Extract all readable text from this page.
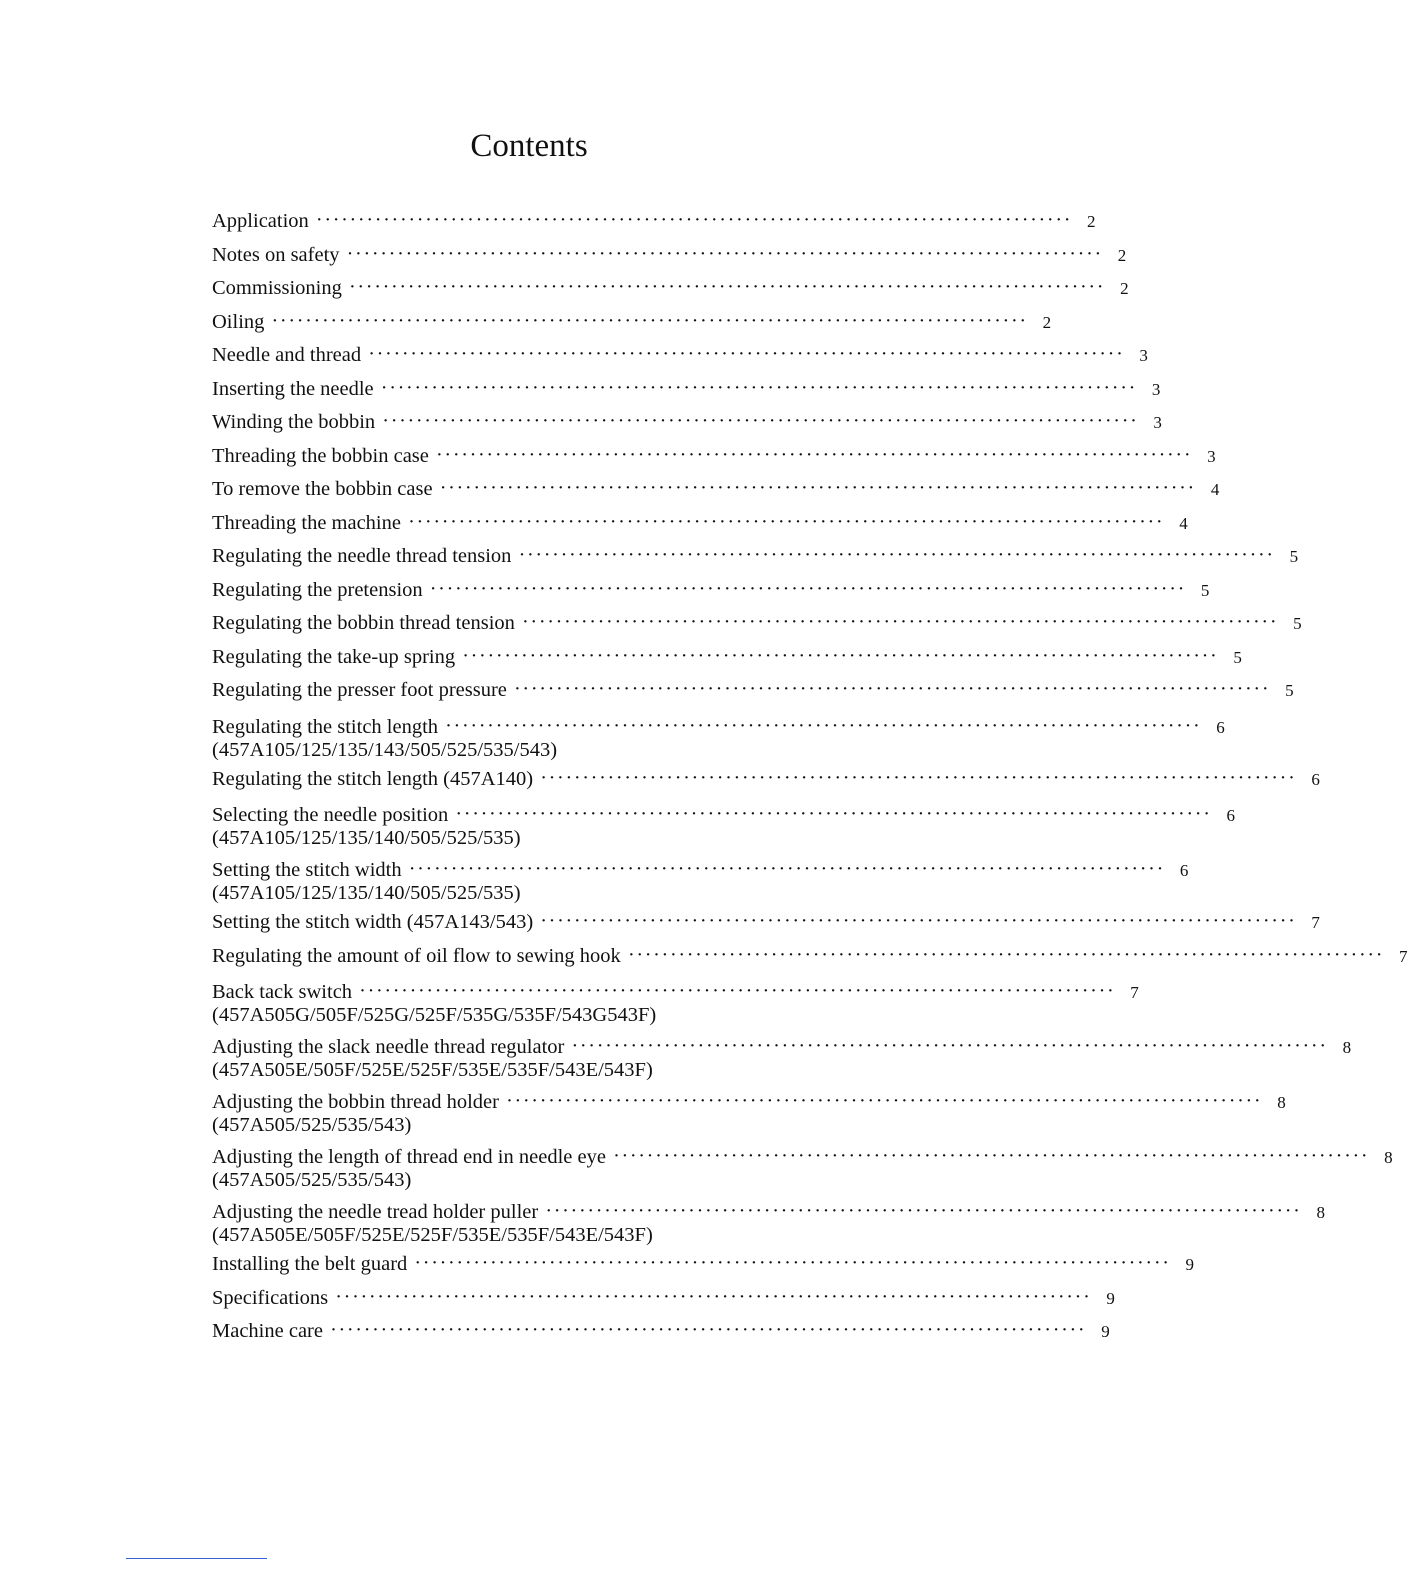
Contents
Application ·························································································· 2
Notes on safety ·························································································· 2
Commissioning ·························································································· 2
Oiling ·························································································· 2
Needle and thread ·························································································· 3
Inserting the needle ·························································································· 3
Winding the bobbin ·························································································· 3
Threading the bobbin case ·························································································· 3
To remove the bobbin case ·························································································· 4
Threading the machine ·························································································· 4
Regulating the needle thread tension ·························································································· 5
Regulating the pretension ·························································································· 5
Regulating the bobbin thread tension ·························································································· 5
Regulating the take-up spring ·························································································· 5
Regulating the presser foot pressure ·························································································· 5
Regulating the stitch length ·························································································· 6
(457A105/125/135/143/505/525/535/543)
Regulating the stitch length (457A140) ·························································································· 6
Selecting the needle position ·························································································· 6
(457A105/125/135/140/505/525/535)
Setting the stitch width ·························································································· 6
(457A105/125/135/140/505/525/535)
Setting the stitch width (457A143/543) ·························································································· 7
Regulating the amount of oil flow to sewing hook ·························································································· 7
Back tack switch ·························································································· 7
(457A505G/505F/525G/525F/535G/535F/543G543F)
Adjusting the slack needle thread regulator ·························································································· 8
(457A505E/505F/525E/525F/535E/535F/543E/543F)
Adjusting the bobbin thread holder ·························································································· 8
(457A505/525/535/543)
Adjusting the length of thread end in needle eye ·························································································· 8
(457A505/525/535/543)
Adjusting the needle tread holder puller ·························································································· 8
(457A505E/505F/525E/525F/535E/535F/543E/543F)
Installing the belt guard ·························································································· 9
Specifications ·························································································· 9
Machine care ·························································································· 9
